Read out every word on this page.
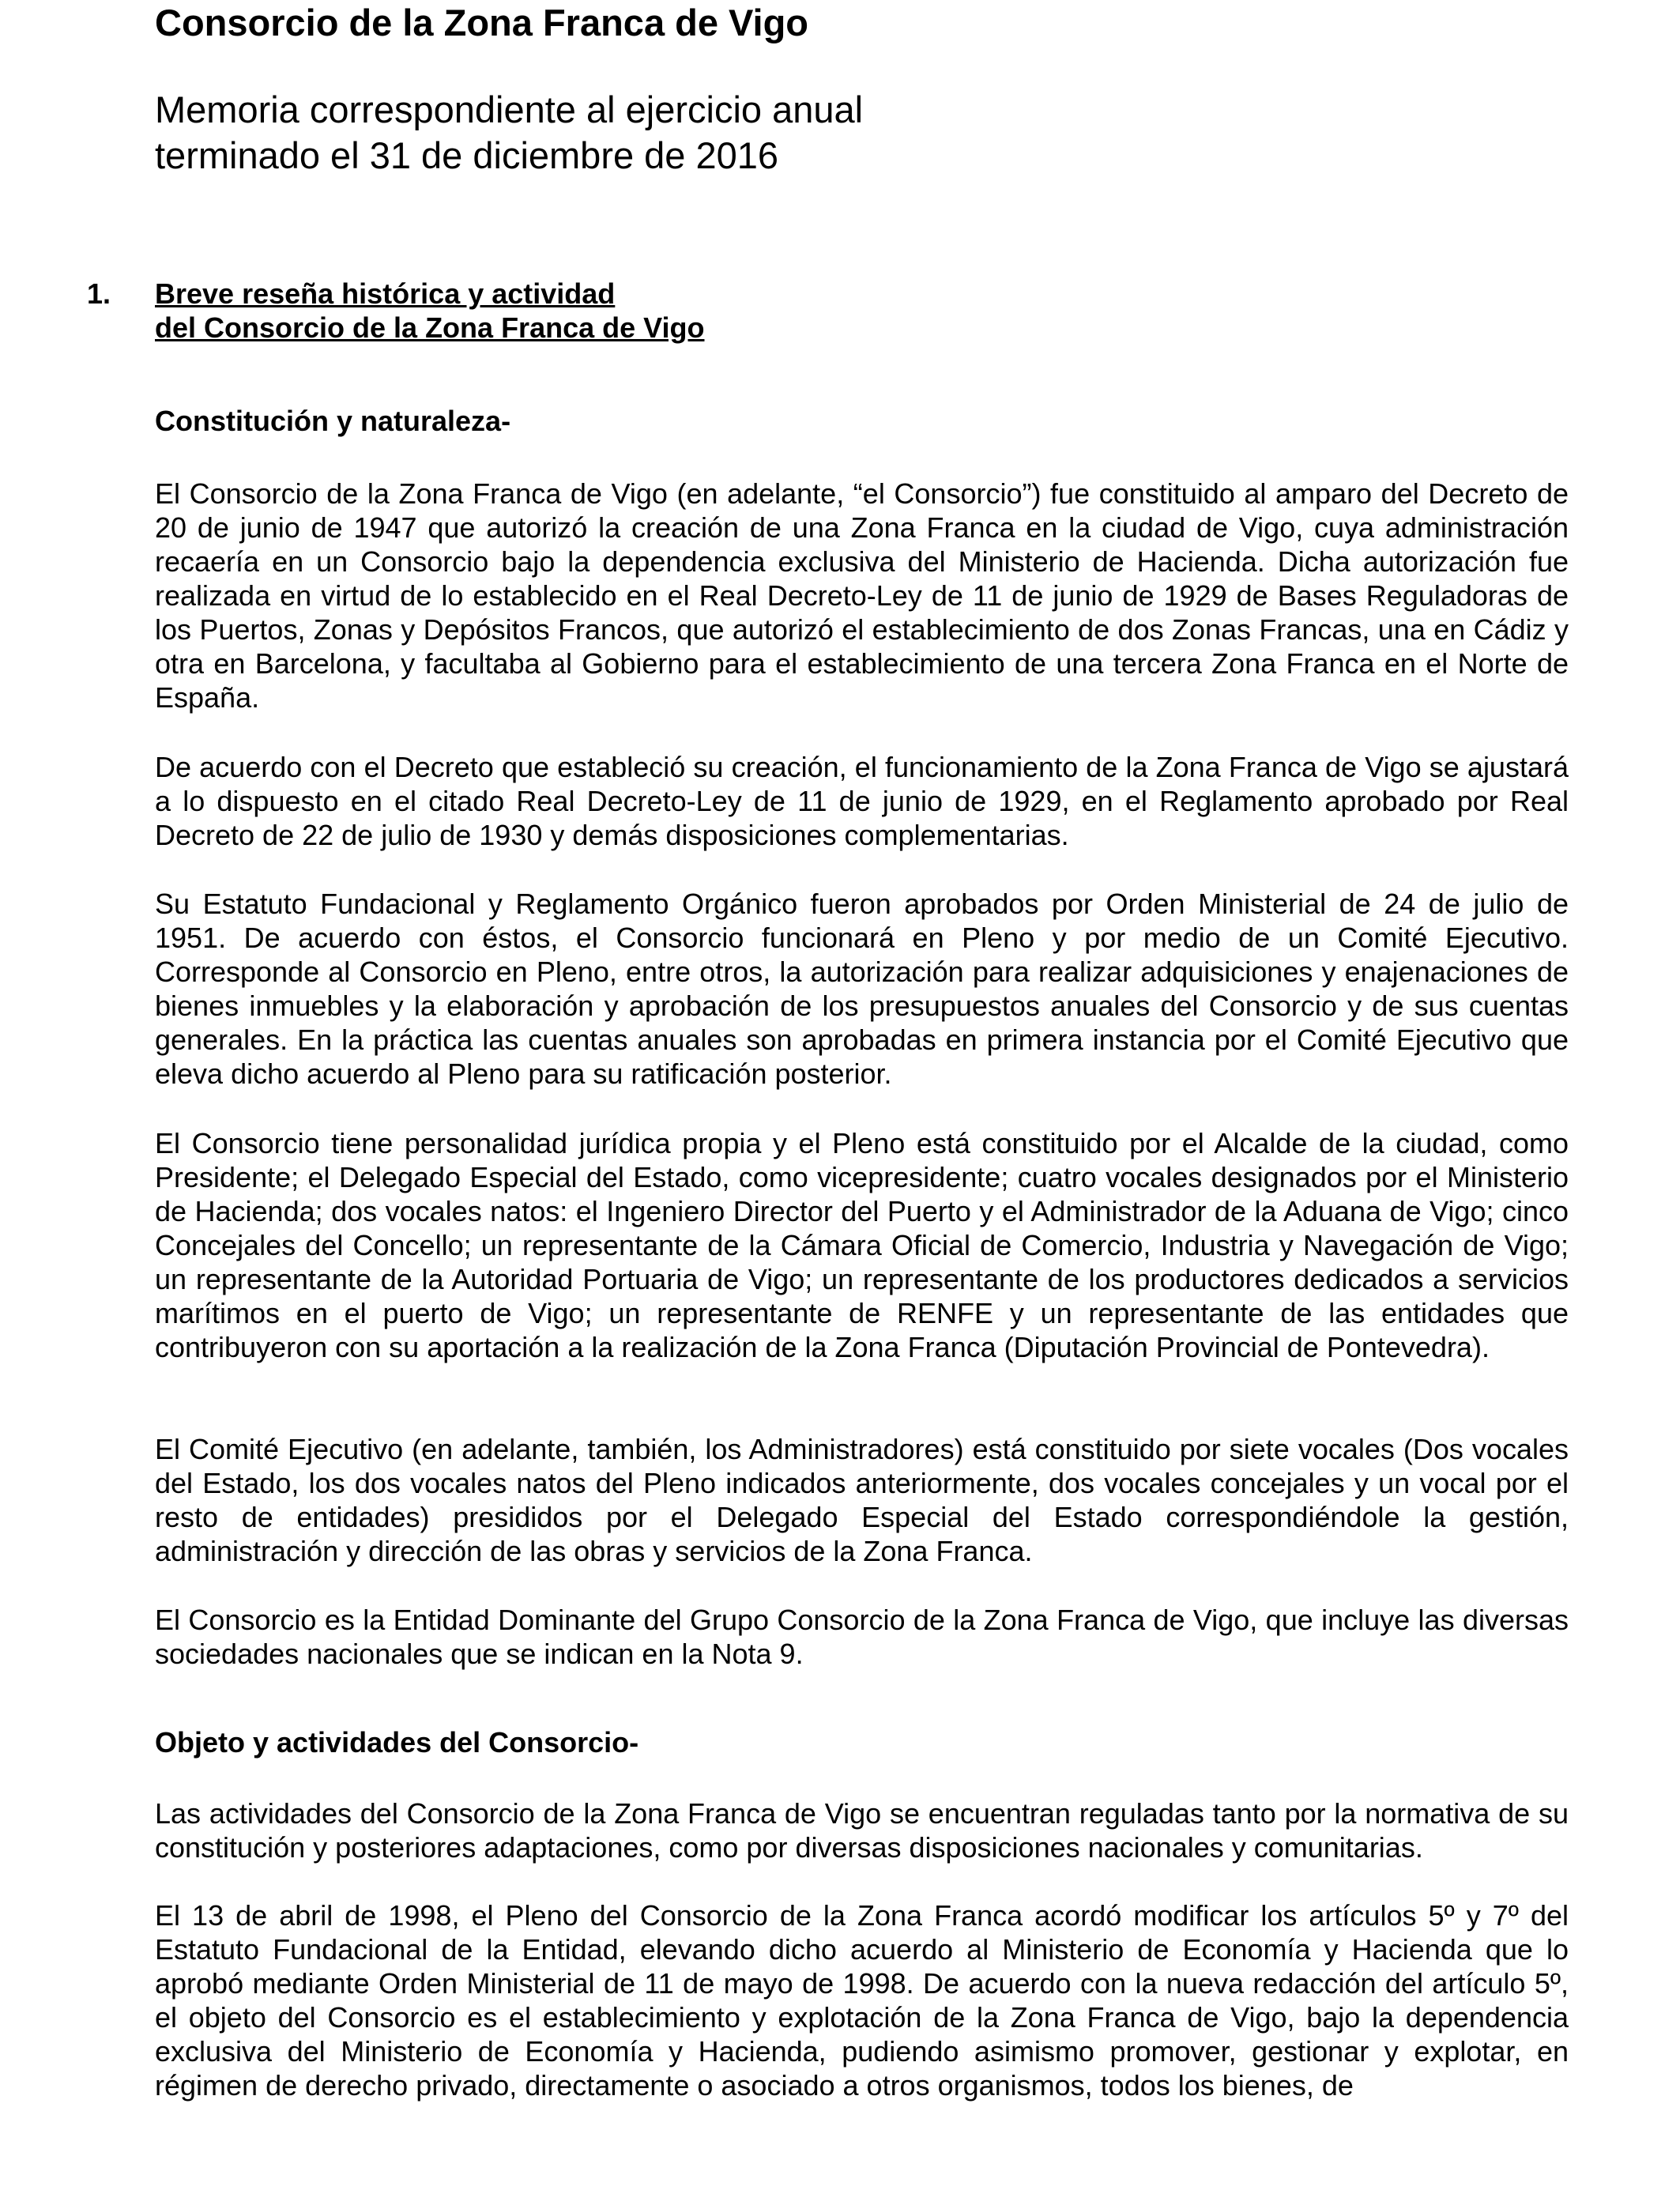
Consorcio de la Zona Franca de Vigo
Memoria correspondiente al ejercicio anual
terminado el 31 de diciembre de 2016
1. Breve reseña histórica y actividad
del Consorcio de la Zona Franca de Vigo
Constitución y naturaleza-

El Consorcio de la Zona Franca de Vigo (en adelante, “el Consorcio”) fue constituido al amparo del Decreto de 20 de junio de 1947 que autorizó la creación de una Zona Franca en la ciudad de Vigo, cuya administración recaería en un Consorcio bajo la dependencia exclusiva del Ministerio de Hacienda. Dicha autorización fue realizada en virtud de lo establecido en el Real Decreto-Ley de 11 de junio de 1929 de Bases Reguladoras de los Puertos, Zonas y Depósitos Francos, que autorizó el establecimiento de dos Zonas Francas, una en Cádiz y otra en Barcelona, y facultaba al Gobierno para el establecimiento de una tercera Zona Franca en el Norte de España.

De acuerdo con el Decreto que estableció su creación, el funcionamiento de la Zona Franca de Vigo se ajustará a lo dispuesto en el citado Real Decreto-Ley de 11 de junio de 1929, en el Reglamento aprobado por Real Decreto de 22 de julio de 1930 y demás disposiciones complementarias.

Su Estatuto Fundacional y Reglamento Orgánico fueron aprobados por Orden Ministerial de 24 de julio de 1951. De acuerdo con éstos, el Consorcio funcionará en Pleno y por medio de un Comité Ejecutivo. Corresponde al Consorcio en Pleno, entre otros, la autorización para realizar adquisiciones y enajenaciones de bienes inmuebles y la elaboración y aprobación de los presupuestos anuales del Consorcio y de sus cuentas generales. En la práctica las cuentas anuales son aprobadas en primera instancia por el Comité Ejecutivo que eleva dicho acuerdo al Pleno para su ratificación posterior.

El Consorcio tiene personalidad jurídica propia y el Pleno está constituido por el Alcalde de la ciudad, como Presidente; el Delegado Especial del Estado, como vicepresidente; cuatro vocales designados por el Ministerio de Hacienda; dos vocales natos: el Ingeniero Director del Puerto y el Administrador de la Aduana de Vigo; cinco Concejales del Concello; un representante de la Cámara Oficial de Comercio, Industria y Navegación de Vigo; un representante de la Autoridad Portuaria de Vigo; un representante de los productores dedicados a servicios marítimos en el puerto de Vigo; un representante de RENFE y un representante de las entidades que contribuyeron con su aportación a la realización de la Zona Franca (Diputación Provincial de Pontevedra).

El Comité Ejecutivo (en adelante, también, los Administradores) está constituido por siete vocales (Dos vocales del Estado, los dos vocales natos del Pleno indicados anteriormente, dos vocales concejales y un vocal por el resto de entidades) presididos por el Delegado Especial del Estado correspondiéndole la gestión, administración y dirección de las obras y servicios de la Zona Franca.

El Consorcio es la Entidad Dominante del Grupo Consorcio de la Zona Franca de Vigo, que incluye las diversas sociedades nacionales que se indican en la Nota 9.

Objeto y actividades del Consorcio-

Las actividades del Consorcio de la Zona Franca de Vigo se encuentran reguladas tanto por la normativa de su constitución y posteriores adaptaciones, como por diversas disposiciones nacionales y comunitarias.

El 13 de abril de 1998, el Pleno del Consorcio de la Zona Franca acordó modificar los artículos 5º y 7º del Estatuto Fundacional de la Entidad, elevando dicho acuerdo al Ministerio de Economía y Hacienda que lo aprobó mediante Orden Ministerial de 11 de mayo de 1998. De acuerdo con la nueva redacción del artículo 5º, el objeto del Consorcio es el establecimiento y explotación de la Zona Franca de Vigo, bajo la dependencia exclusiva del Ministerio de Economía y Hacienda, pudiendo asimismo promover, gestionar y explotar, en régimen de derecho privado, directamente o asociado a otros organismos, todos los bienes, de
